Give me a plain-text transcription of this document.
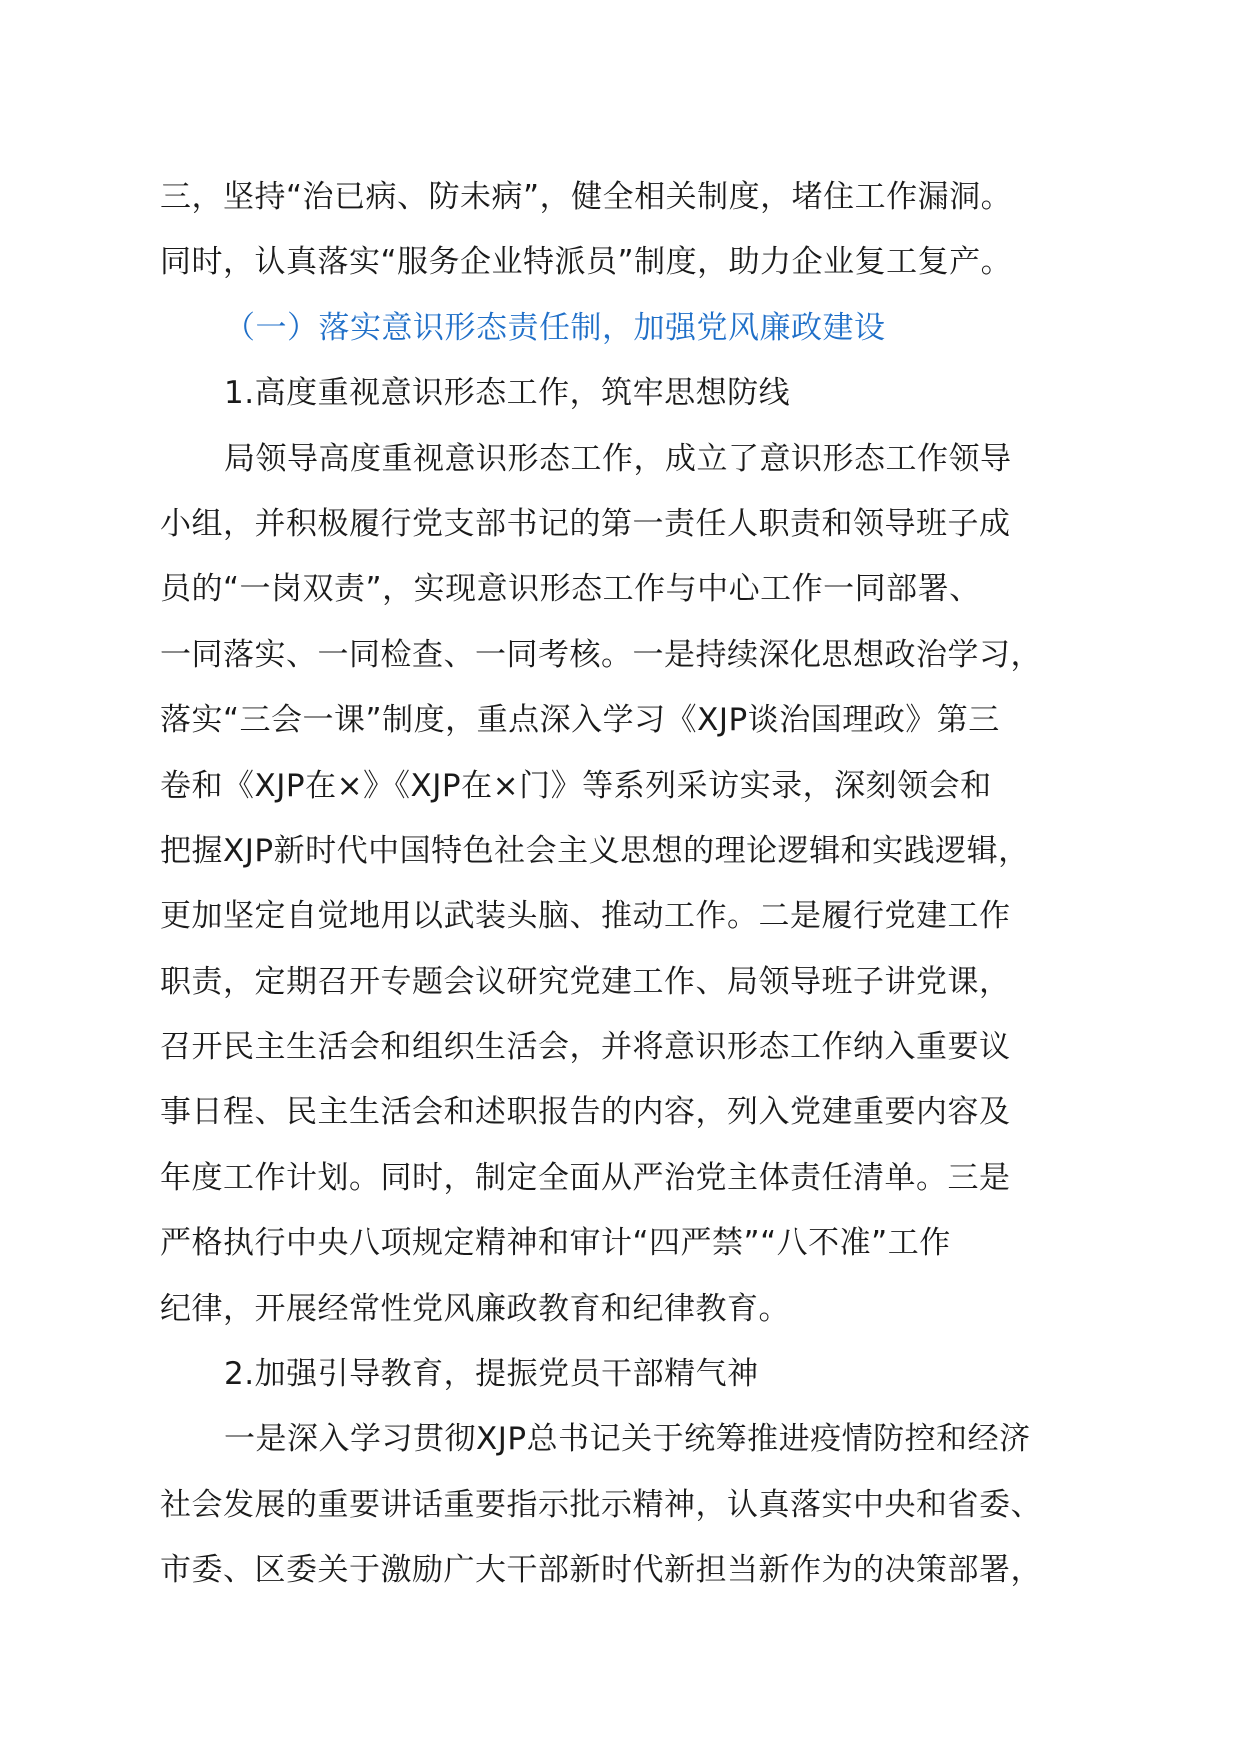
三，坚持“治已病、防未病”，健全相关制度，堵住工作漏洞。
同时，认真落实“服务企业特派员”制度，助力企业复工复产。
（一）落实意识形态责任制，加强党风廉政建设
1.高度重视意识形态工作，筑牢思想防线
局领导高度重视意识形态工作，成立了意识形态工作领导
小组，并积极履行党支部书记的第一责任人职责和领导班子成
员的“一岗双责”，实现意识形态工作与中心工作一同部署、
一同落实、一同检查、一同考核。一是持续深化思想政治学习，
落实“三会一课”制度，重点深入学习《XJP谈治国理政》第三
卷和《XJP在×》《XJP在×门》等系列采访实录，深刻领会和
把握XJP新时代中国特色社会主义思想的理论逻辑和实践逻辑，
更加坚定自觉地用以武装头脑、推动工作。二是履行党建工作
职责，定期召开专题会议研究党建工作、局领导班子讲党课，
召开民主生活会和组织生活会，并将意识形态工作纳入重要议
事日程、民主生活会和述职报告的内容，列入党建重要内容及
年度工作计划。同时，制定全面从严治党主体责任清单。三是
严格执行中央八项规定精神和审计“四严禁”“八不准”工作
纪律，开展经常性党风廉政教育和纪律教育。
2.加强引导教育，提振党员干部精气神
一是深入学习贯彻XJP总书记关于统筹推进疫情防控和经济
社会发展的重要讲话重要指示批示精神，认真落实中央和省委、
市委、区委关于激励广大干部新时代新担当新作为的决策部署，
